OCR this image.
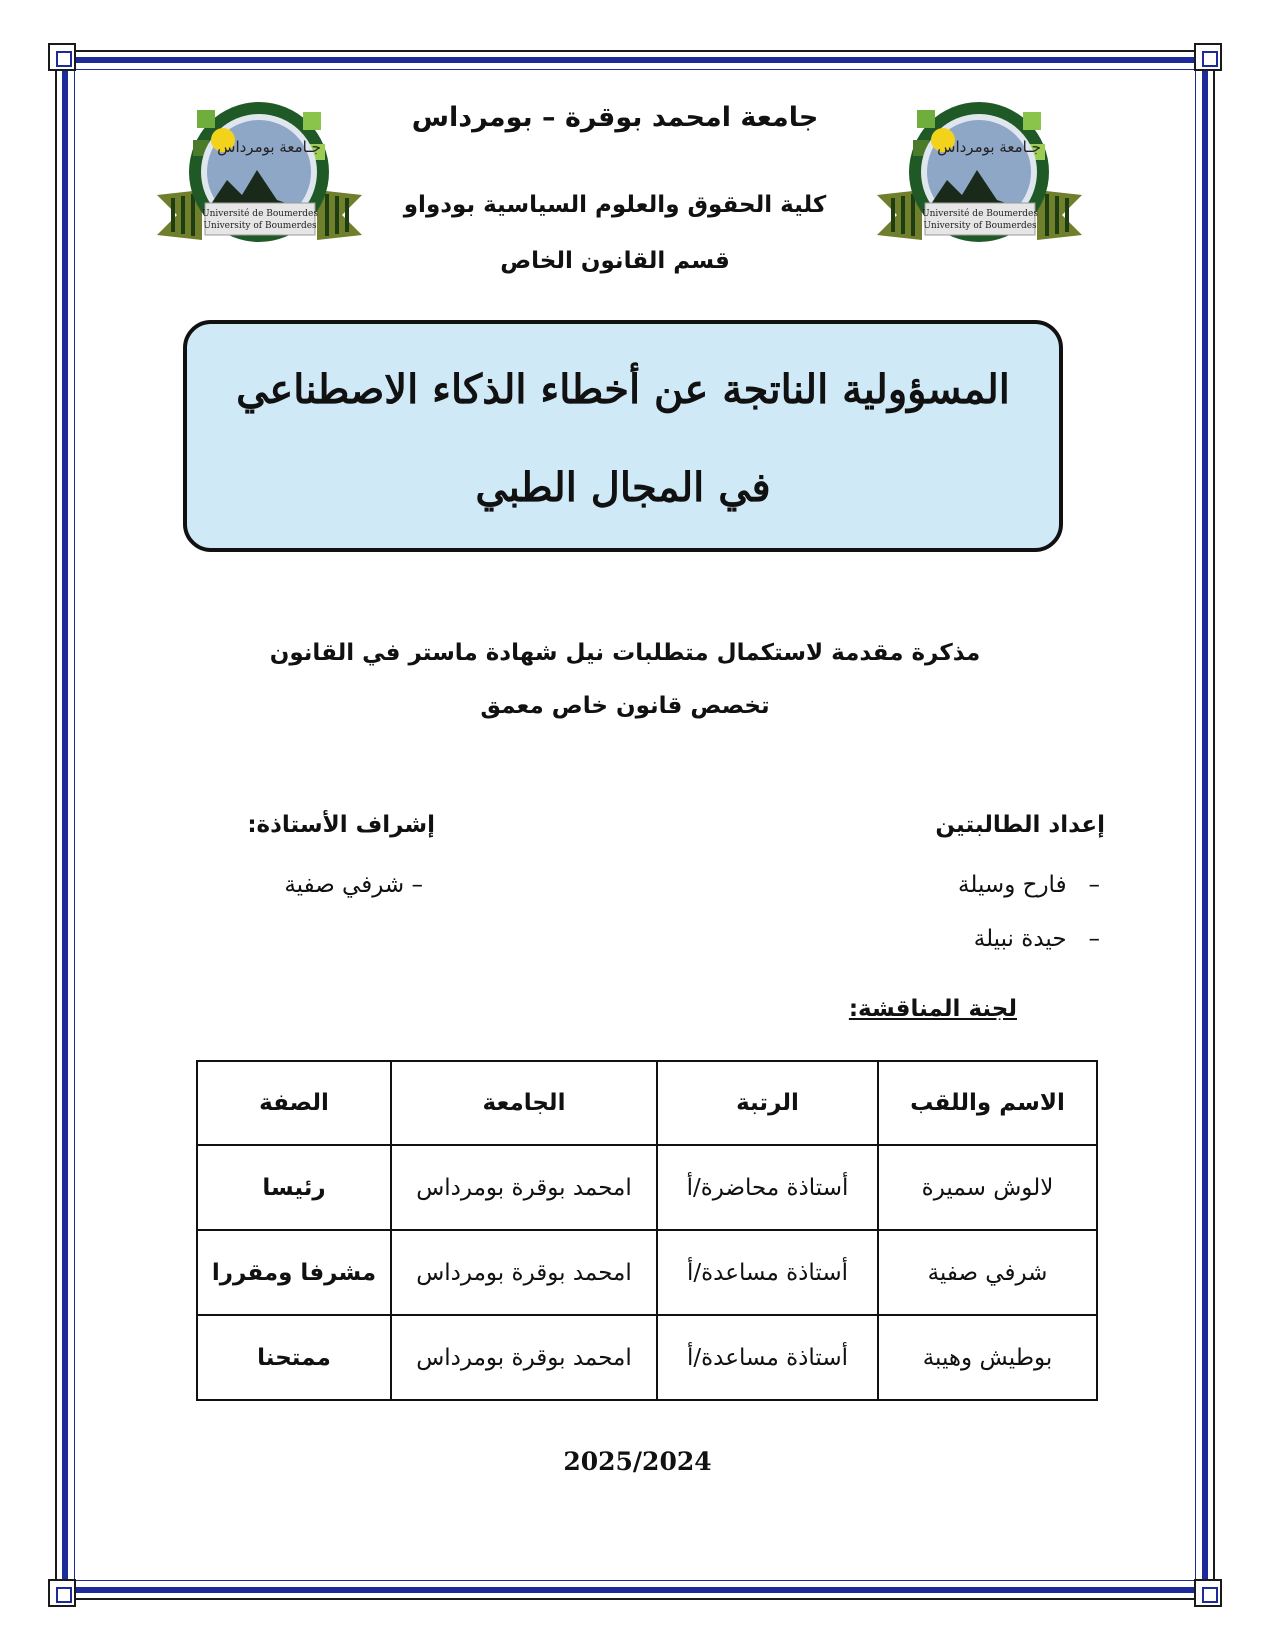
جـامعة بومرداس
Université de Boumerdes
University of Boumerdes
جـامعة بومرداس
Université de Boumerdes
University of Boumerdes
جامعة امحمد بوقرة – بومرداس
كلية الحقوق والعلوم السياسية بودواو
قسم القانون الخاص
المسؤولية الناتجة عن أخطاء الذكاء الاصطناعي
في المجال الطبي
مذكرة مقدمة لاستكمال متطلبات نيل شهادة ماستر في القانون
تخصص قانون خاص معمق
إعداد الطالبتين
–   فارح وسيلة
–   حيدة نبيلة
إشراف الأستاذة:
– شرفي صفية
لجنة المناقشة:
الاسم واللقب	الرتبة	الجامعة	الصفة
لالوش سميرة	أستاذة محاضرة/أ	امحمد بوقرة بومرداس	رئيسا
شرفي صفية	أستاذة مساعدة/أ	امحمد بوقرة بومرداس	مشرفا ومقررا
بوطيش وهيبة	أستاذة مساعدة/أ	امحمد بوقرة بومرداس	ممتحنا
2025/2024
